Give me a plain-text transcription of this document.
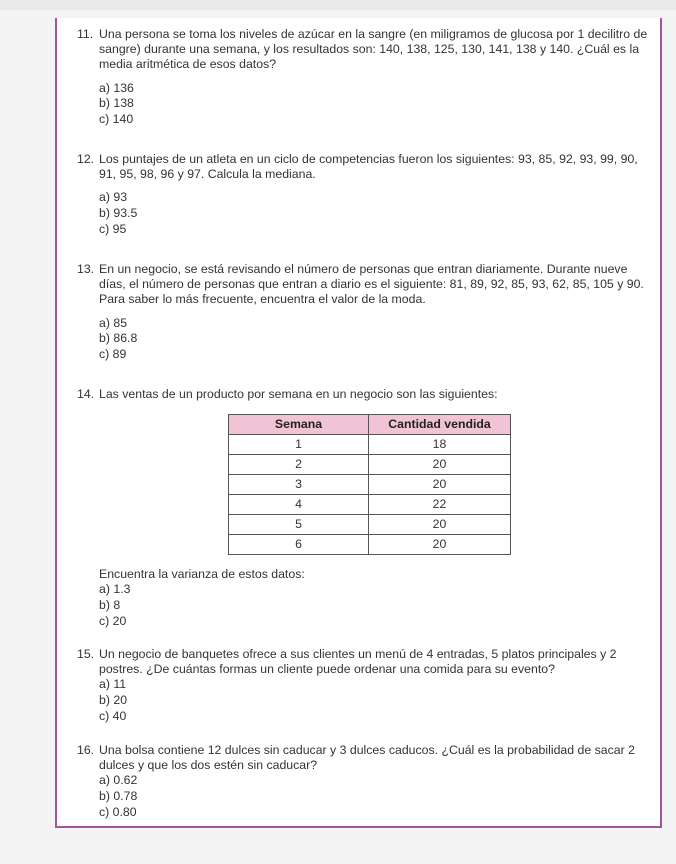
11. Una persona se toma los niveles de azúcar en la sangre (en miligramos de glucosa por 1 decilitro de sangre) durante una semana, y los resultados son: 140, 138, 125, 130, 141, 138 y 140. ¿Cuál es la media aritmética de esos datos?
a) 136
b) 138
c) 140
12. Los puntajes de un atleta en un ciclo de competencias fueron los siguientes: 93, 85, 92, 93, 99, 90, 91, 95, 98, 96 y 97. Calcula la mediana.
a) 93
b) 93.5
c) 95
13. En un negocio, se está revisando el número de personas que entran diariamente. Durante nueve días, el número de personas que entran a diario es el siguiente: 81, 89, 92, 85, 93, 62, 85, 105 y 90. Para saber lo más frecuente, encuentra el valor de la moda.
a) 85
b) 86.8
c) 89
14. Las ventas de un producto por semana en un negocio son las siguientes:
Semana	Cantidad vendida
1	18
2	20
3	20
4	22
5	20
6	20
Encuentra la varianza de estos datos:
a) 1.3
b) 8
c) 20
15. Un negocio de banquetes ofrece a sus clientes un menú de 4 entradas, 5 platos principales y 2 postres. ¿De cuántas formas un cliente puede ordenar una comida para su evento?
a) 11
b) 20
c) 40
16. Una bolsa contiene 12 dulces sin caducar y 3 dulces caducos. ¿Cuál es la probabilidad de sacar 2 dulces y que los dos estén sin caducar?
a) 0.62
b) 0.78
c) 0.80
